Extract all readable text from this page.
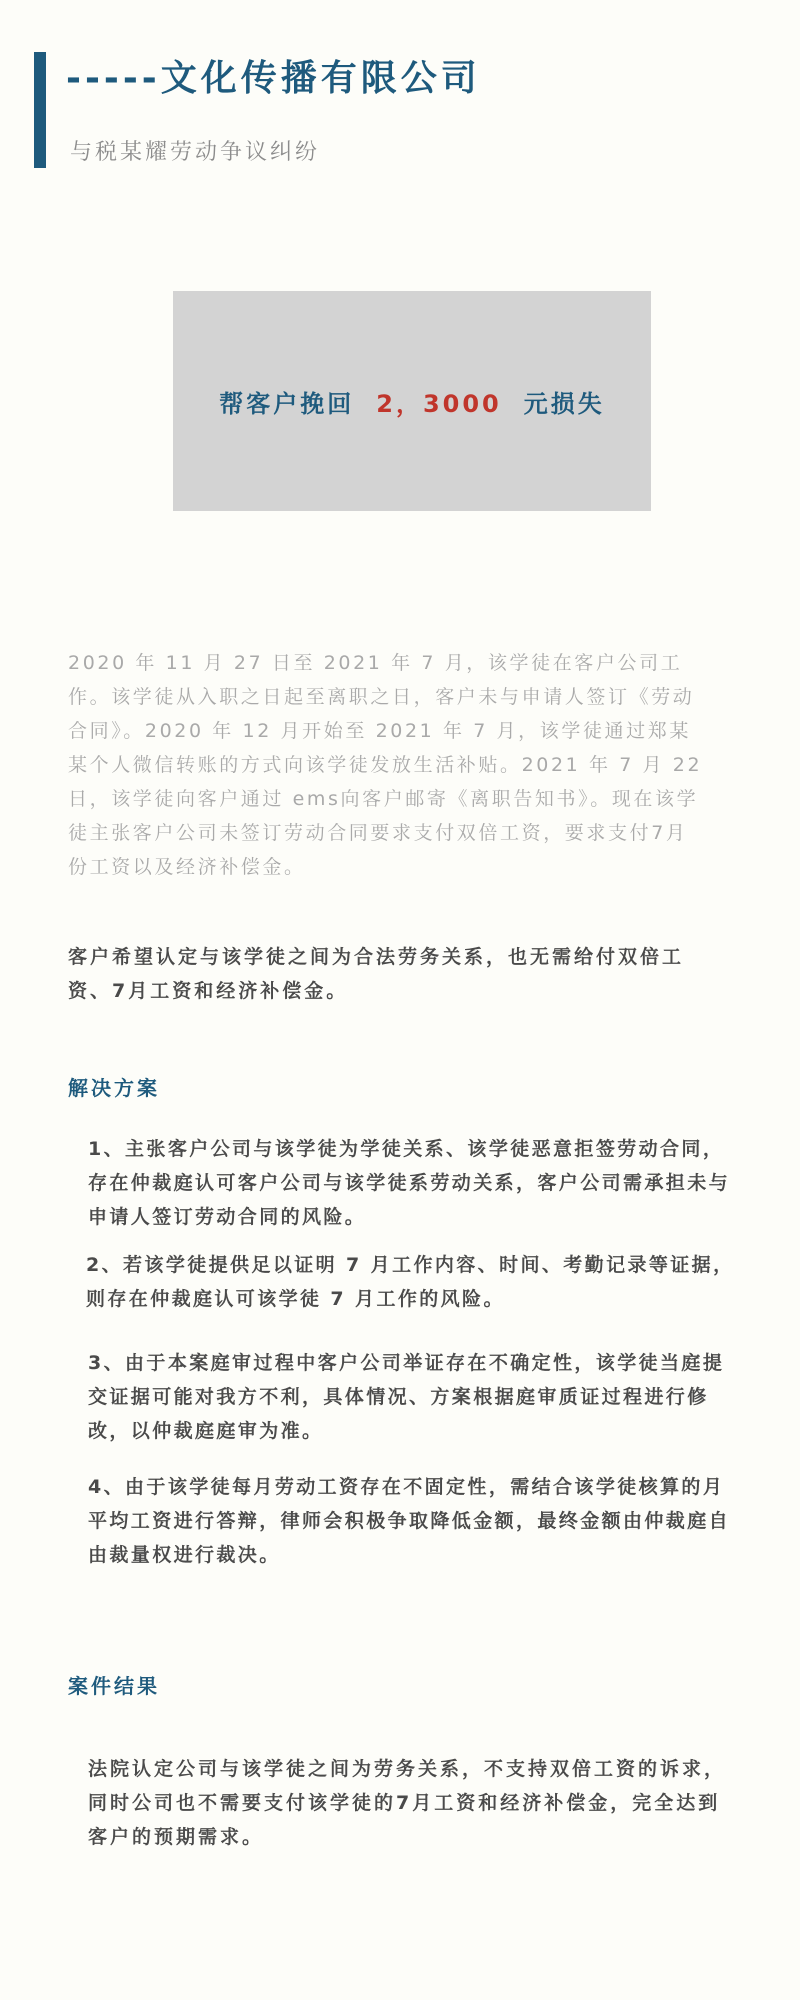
-----文化传播有限公司

与税某耀劳动争议纠纷

帮客户挽回 2，3000 元损失

2020 年 11 月 27 日至 2021 年 7 月，该学徒在客户公司工作。该学徒从入职之日起至离职之日，客户未与申请人签订《劳动合同》。2020 年 12 月开始至 2021 年 7 月，该学徒通过郑某某个人微信转账的方式向该学徒发放生活补贴。2021 年 7 月 22 日，该学徒向客户通过 ems向客户邮寄《离职告知书》。现在该学徒主张客户公司未签订劳动合同要求支付双倍工资，要求支付7月份工资以及经济补偿金。

客户希望认定与该学徒之间为合法劳务关系，也无需给付双倍工资、7月工资和经济补偿金。

解决方案

1、主张客户公司与该学徒为学徒关系、该学徒恶意拒签劳动合同，存在仲裁庭认可客户公司与该学徒系劳动关系，客户公司需承担未与申请人签订劳动合同的风险。

2、若该学徒提供足以证明 7 月工作内容、时间、考勤记录等证据，则存在仲裁庭认可该学徒 7 月工作的风险。

3、由于本案庭审过程中客户公司举证存在不确定性，该学徒当庭提交证据可能对我方不利，具体情况、方案根据庭审质证过程进行修改，以仲裁庭庭审为准。

4、由于该学徒每月劳动工资存在不固定性，需结合该学徒核算的月平均工资进行答辩，律师会积极争取降低金额，最终金额由仲裁庭自由裁量权进行裁决。

案件结果

法院认定公司与该学徒之间为劳务关系，不支持双倍工资的诉求，同时公司也不需要支付该学徒的7月工资和经济补偿金，完全达到客户的预期需求。
